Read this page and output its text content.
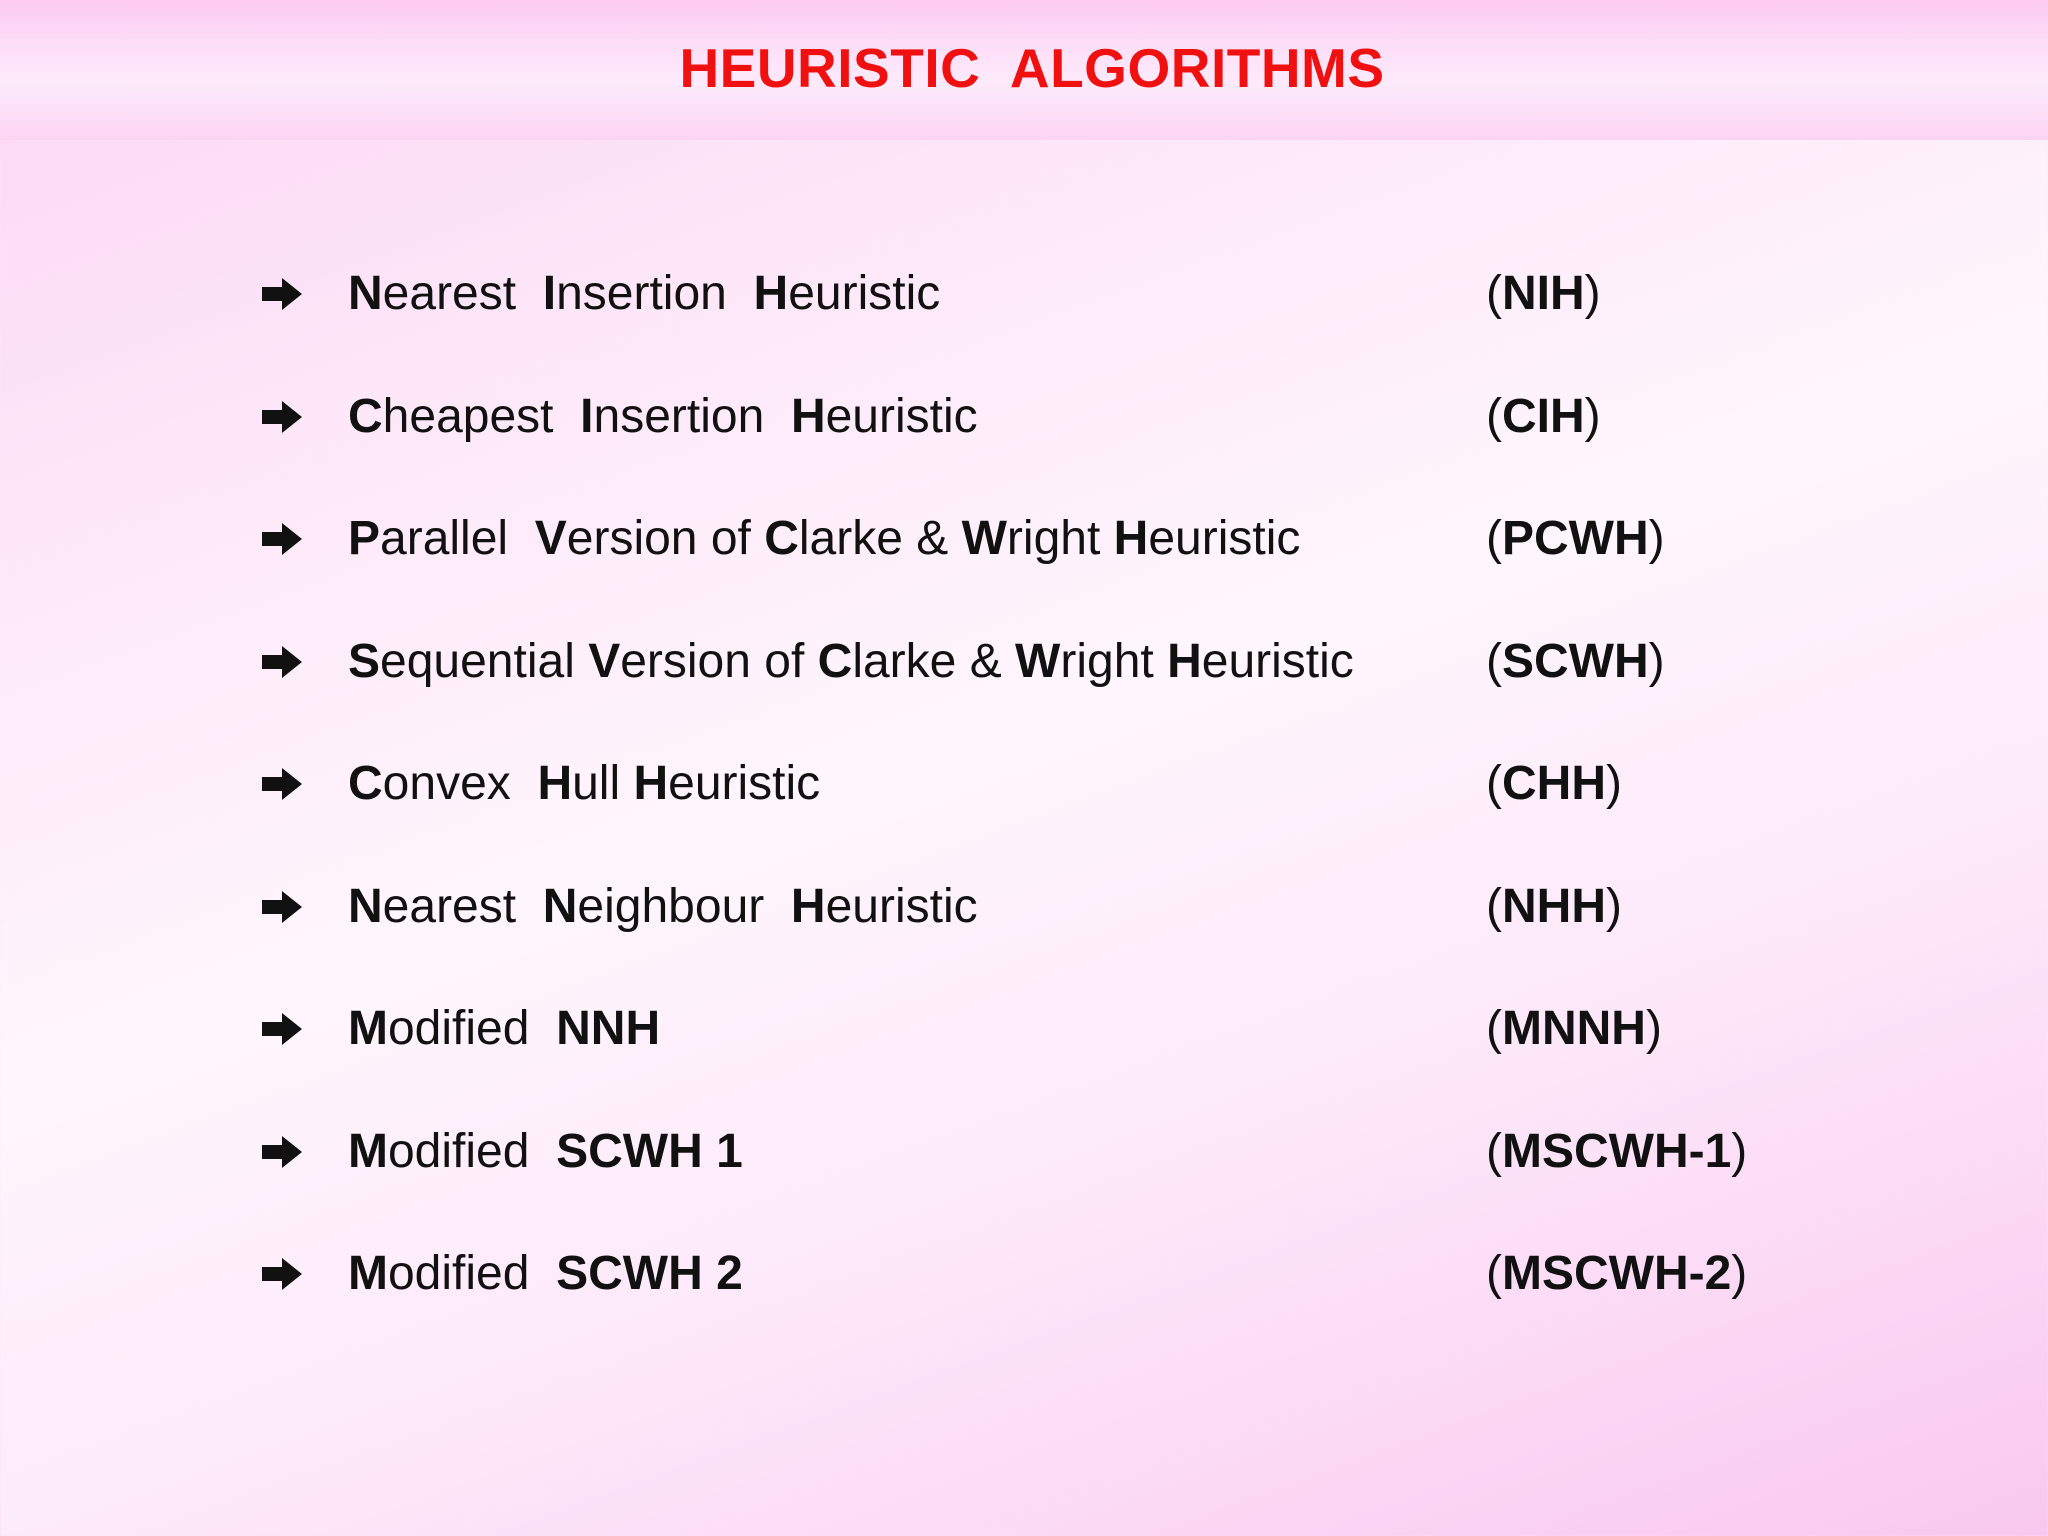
HEURISTIC  ALGORITHMS
Nearest  Insertion  Heuristic	(NIH)
Cheapest  Insertion  Heuristic	(CIH)
Parallel  Version of Clarke & Wright Heuristic	(PCWH)
Sequential Version of Clarke & Wright Heuristic	(SCWH)
Convex  Hull Heuristic	(CHH)
Nearest  Neighbour  Heuristic	(NHH)
Modified  NNH	(MNNH)
Modified  SCWH 1	(MSCWH-1)
Modified  SCWH 2	(MSCWH-2)
